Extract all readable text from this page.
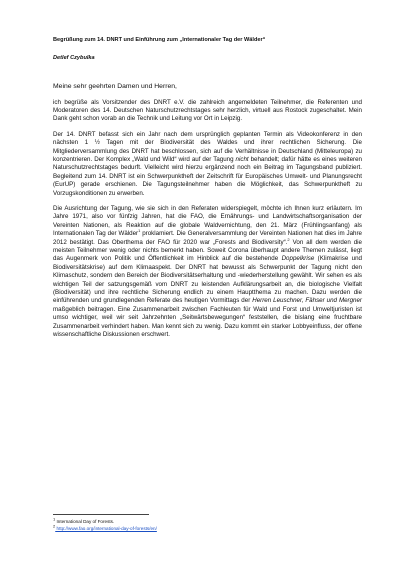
Begrüßung zum 14. DNRT und Einführung zum „Internationaler Tag der Wälder“

Detlef Czybulka

Meine sehr geehrten Damen und Herren,

ich begrüße als Vorsitzender des DNRT e.V. die zahlreich angemeldeten Teilnehmer, die Referenten und Moderatoren des 14. Deutschen Naturschutzrechtstages sehr herzlich, virtuell aus Rostock zugeschaltet. Mein Dank geht schon vorab an die Technik und Leitung vor Ort in Leipzig.

Der 14. DNRT befasst sich ein Jahr nach dem ursprünglich geplanten Termin als Videokonferenz in den nächsten 1 ½ Tagen mit der Biodiversität des Waldes und ihrer rechtlichen Sicherung. Die Mitgliederversammlung des DNRT hat beschlossen, sich auf die Verhältnisse in Deutschland (Mitteleuropa) zu konzentrieren. Der Komplex „Wald und Wild“ wird auf der Tagung nicht behandelt; dafür hätte es eines weiteren Naturschutzrechtstages bedurft. Vielleicht wird hierzu ergänzend noch ein Beitrag im Tagungsband publiziert. Begleitend zum 14. DNRT ist ein Schwerpunktheft der Zeitschrift für Europäisches Umwelt- und Planungsrecht (EurUP) gerade erschienen. Die Tagungsteilnehmer haben die Möglichkeit, das Schwerpunktheft zu Vorzugskonditionen zu erwerben.

Die Ausrichtung der Tagung, wie sie sich in den Referaten widerspiegelt, möchte ich Ihnen kurz erläutern. Im Jahre 1971, also vor fünfzig Jahren, hat die FAO, die Ernährungs- und Landwirtschaftsorganisation der Vereinten Nationen, als Reaktion auf die globale Waldvernichtung, den 21. März (Frühlingsanfang) als Internationalen Tag der Wälder$^1$ proklamiert. Die Generalversammlung der Vereinten Nationen hat dies im Jahre 2012 bestätigt. Das Oberthema der FAO für 2020 war „Forests and Biodiversity“.$^2$ Von all dem werden die meisten Teilnehmer wenig oder nichts bemerkt haben. Soweit Corona überhaupt andere Themen zulässt, liegt das Augenmerk von Politik und Öffentlichkeit im Hinblick auf die bestehende Doppelkrise (Klimakrise und Biodiversitätskrise) auf dem Klimaaspekt. Der DNRT hat bewusst als Schwerpunkt der Tagung nicht den Klimaschutz, sondern den Bereich der Biodiversitätserhaltung und -wiederherstellung gewählt. Wir sehen es als wichtigen Teil der satzungsgemäß vom DNRT zu leistenden Aufklärungsarbeit an, die biologische Vielfalt (Biodiversität) und ihre rechtliche Sicherung endlich zu einem Hauptthema zu machen. Dazu werden die einführenden und grundlegenden Referate des heutigen Vormittags der Herren Leuschner, Fähser und Mergner maßgeblich beitragen. Eine Zusammenarbeit zwischen Fachleuten für Wald und Forst und Umweltjuristen ist umso wichtiger, weil wir seit Jahrzehnten „Seitwärtsbewegungen“ feststellen, die bislang eine fruchtbare Zusammenarbeit verhindert haben. Man kennt sich zu wenig. Dazu kommt ein starker Lobbyeinfluss, der offene wissenschaftliche Diskussionen erschwert.

$^1$ International Day of Forests.

$^2$ http://www.fao.org/international-day-of-forests/en/
